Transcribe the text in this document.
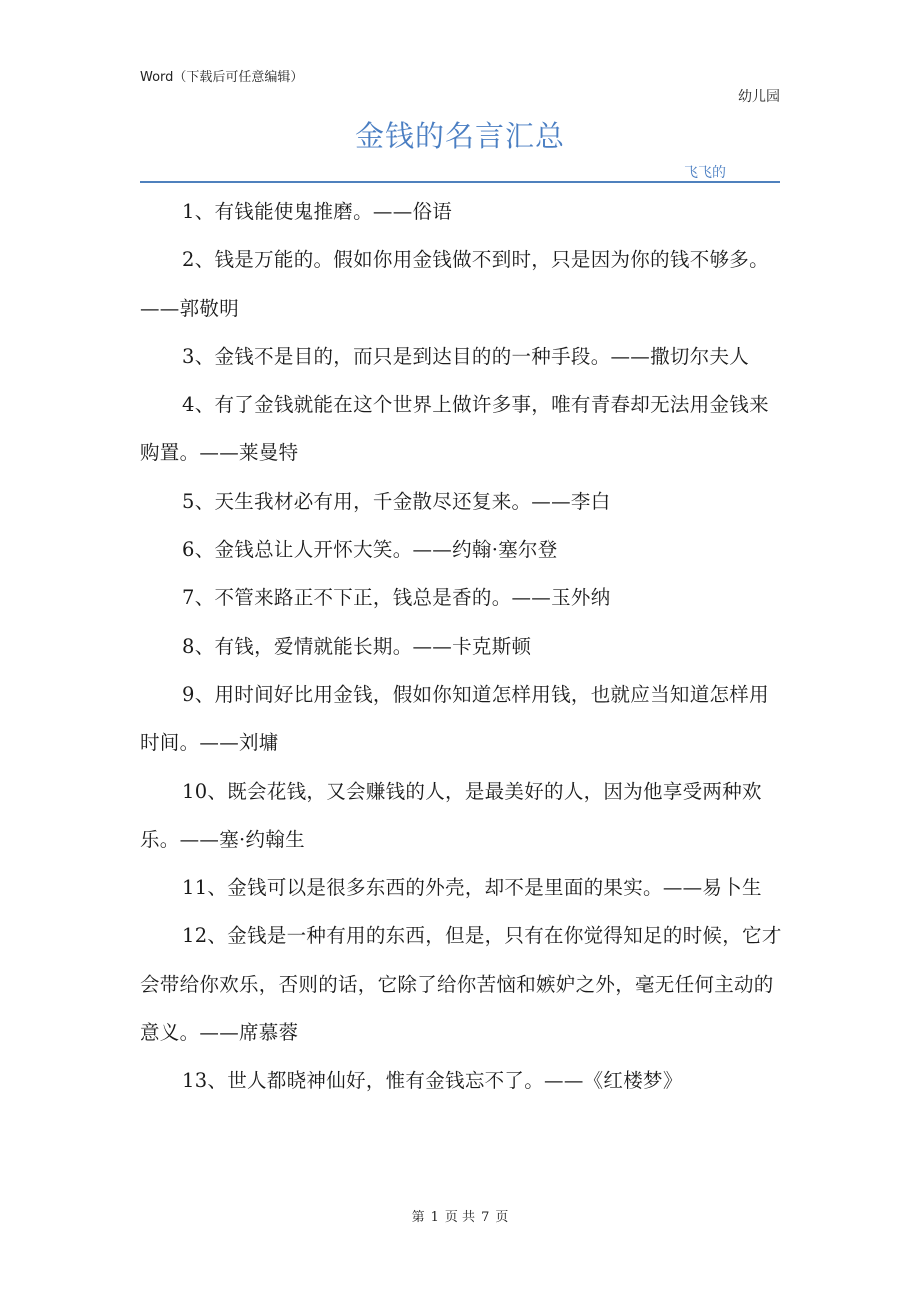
Word（下载后可任意编辑）
幼儿园
金钱的名言汇总
飞飞的

1、有钱能使鬼推磨。——俗语

2、钱是万能的。假如你用金钱做不到时，只是因为你的钱不够多。——郭敬明

3、金钱不是目的，而只是到达目的的一种手段。——撒切尔夫人

4、有了金钱就能在这个世界上做许多事，唯有青春却无法用金钱来购置。——莱曼特

5、天生我材必有用，千金散尽还复来。——李白

6、金钱总让人开怀大笑。——约翰·塞尔登

7、不管来路正不下正，钱总是香的。——玉外纳

8、有钱，爱情就能长期。——卡克斯顿

9、用时间好比用金钱，假如你知道怎样用钱，也就应当知道怎样用时间。——刘墉

10、既会花钱，又会赚钱的人，是最美好的人，因为他享受两种欢乐。——塞·约翰生

11、金钱可以是很多东西的外壳，却不是里面的果实。——易卜生

12、金钱是一种有用的东西，但是，只有在你觉得知足的时候，它才会带给你欢乐，否则的话，它除了给你苦恼和嫉妒之外，毫无任何主动的意义。——席慕蓉

13、世人都晓神仙好，惟有金钱忘不了。——《红楼梦》

第 1 页 共 7 页
